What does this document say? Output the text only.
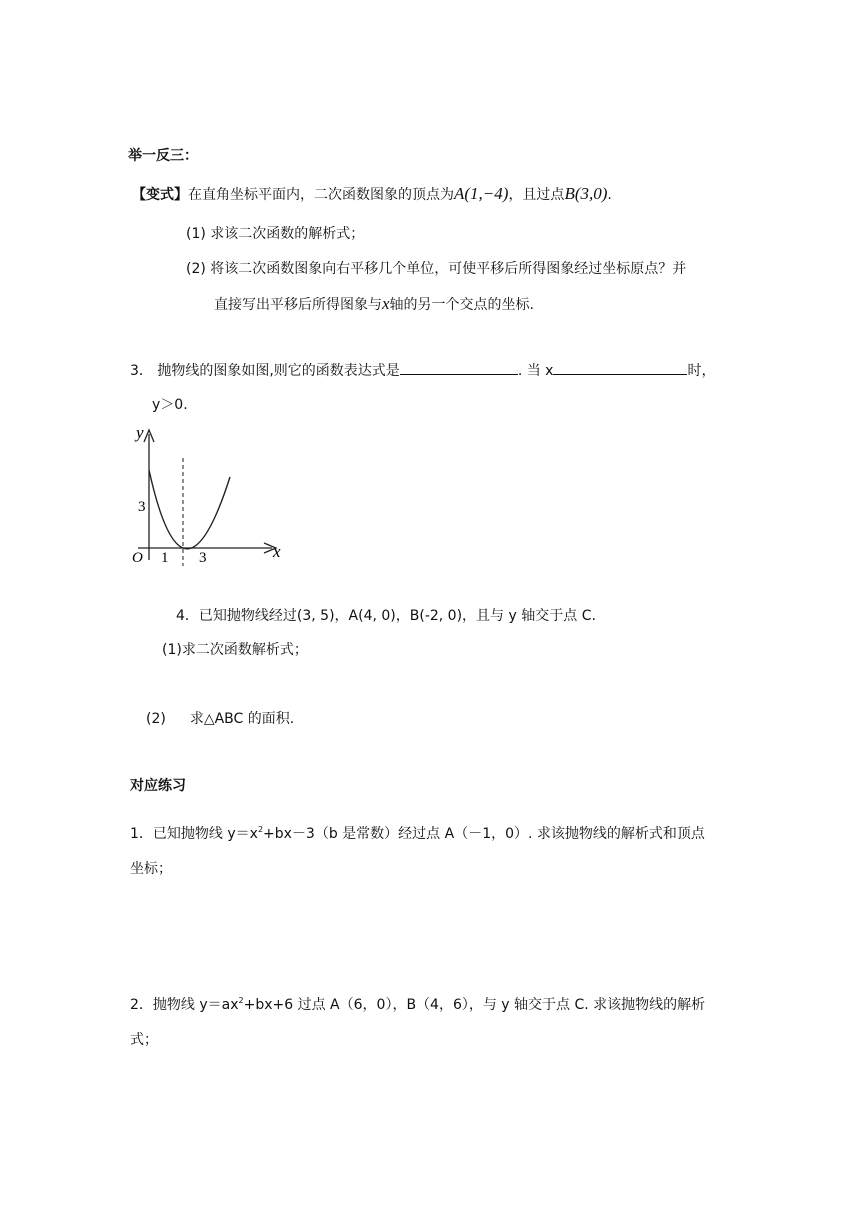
举一反三：
【变式】在直角坐标平面内，二次函数图象的顶点为A(1,−4)，且过点B(3,0).
(1) 求该二次函数的解析式；
(2) 将该二次函数图象向右平移几个单位，可使平移后所得图象经过坐标原点？并
直接写出平移后所得图象与x轴的另一个交点的坐标.
3． 抛物线的图象如图,则它的函数表达式是	. 当 x	时，
y＞0.
y
x
O
3
1 3
4．已知抛物线经过(3, 5)，A(4, 0)，B(-2, 0)，且与 y 轴交于点 C.
(1)求二次函数解析式；
(2) 求△ABC 的面积.
对应练习
1．已知抛物线 $y=x^2+bx-3(b$ 是常数）经过点 A（－1，0）. 求该抛物线的解析式和顶点
坐标；
2．抛物线 $y=ax^2+bx+6$ 过点 A（6，0），B（4，6），与 y 轴交于点 C. 求该抛物线的解析
式；
